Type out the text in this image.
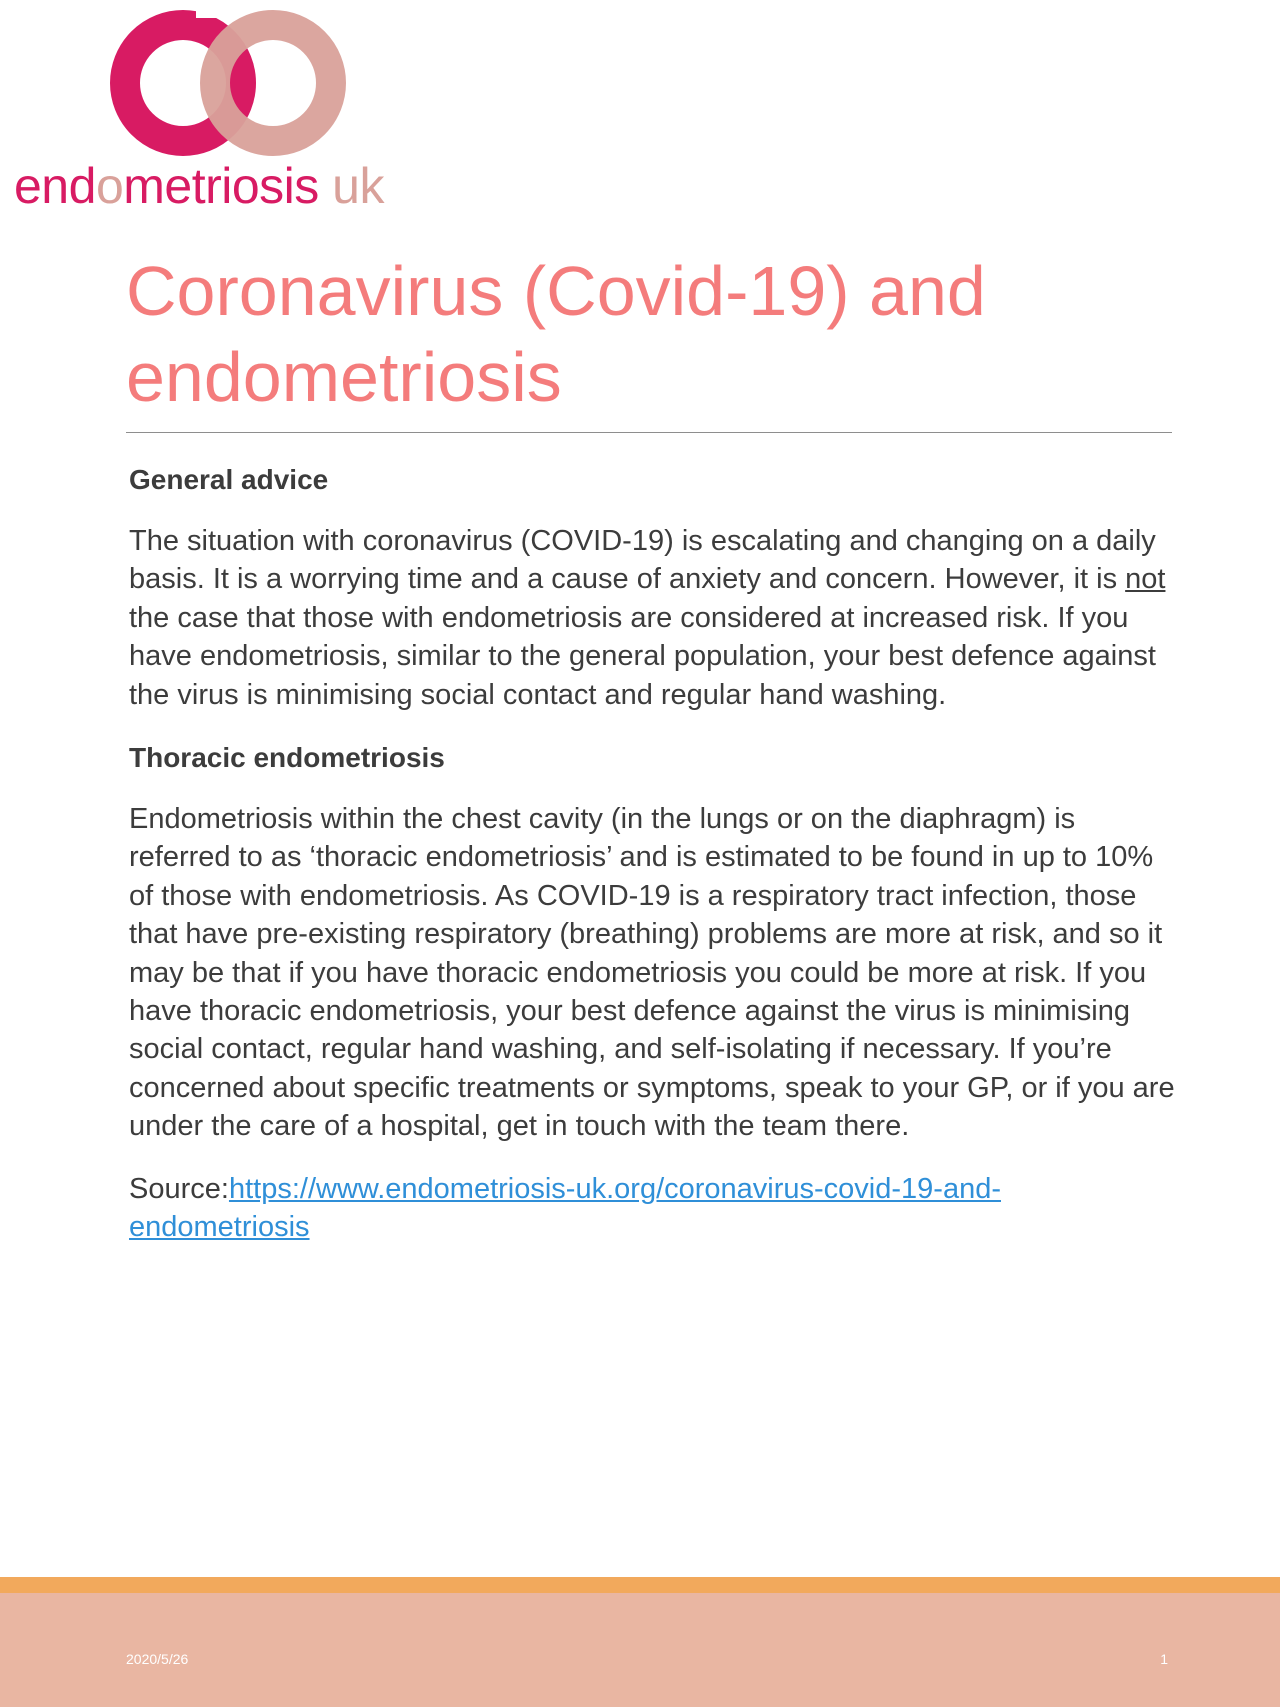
endometriosis uk
Coronavirus (Covid-19) and endometriosis
General advice

The situation with coronavirus (COVID-19) is escalating and changing on a daily basis. It is a worrying time and a cause of anxiety and concern. However, it is not the case that those with endometriosis are considered at increased risk. If you have endometriosis, similar to the general population, your best defence against the virus is minimising social contact and regular hand washing.

Thoracic endometriosis

Endometriosis within the chest cavity (in the lungs or on the diaphragm) is referred to as ‘thoracic endometriosis’ and is estimated to be found in up to 10% of those with endometriosis. As COVID-19 is a respiratory tract infection, those that have pre-existing respiratory (breathing) problems are more at risk, and so it may be that if you have thoracic endometriosis you could be more at risk. If you have thoracic endometriosis, your best defence against the virus is minimising social contact, regular hand washing, and self-isolating if necessary. If you’re concerned about specific treatments or symptoms, speak to your GP, or if you are under the care of a hospital, get in touch with the team there.

Source:https://www.endometriosis-uk.org/coronavirus-covid-19-and-endometriosis

2020/5/26	1
